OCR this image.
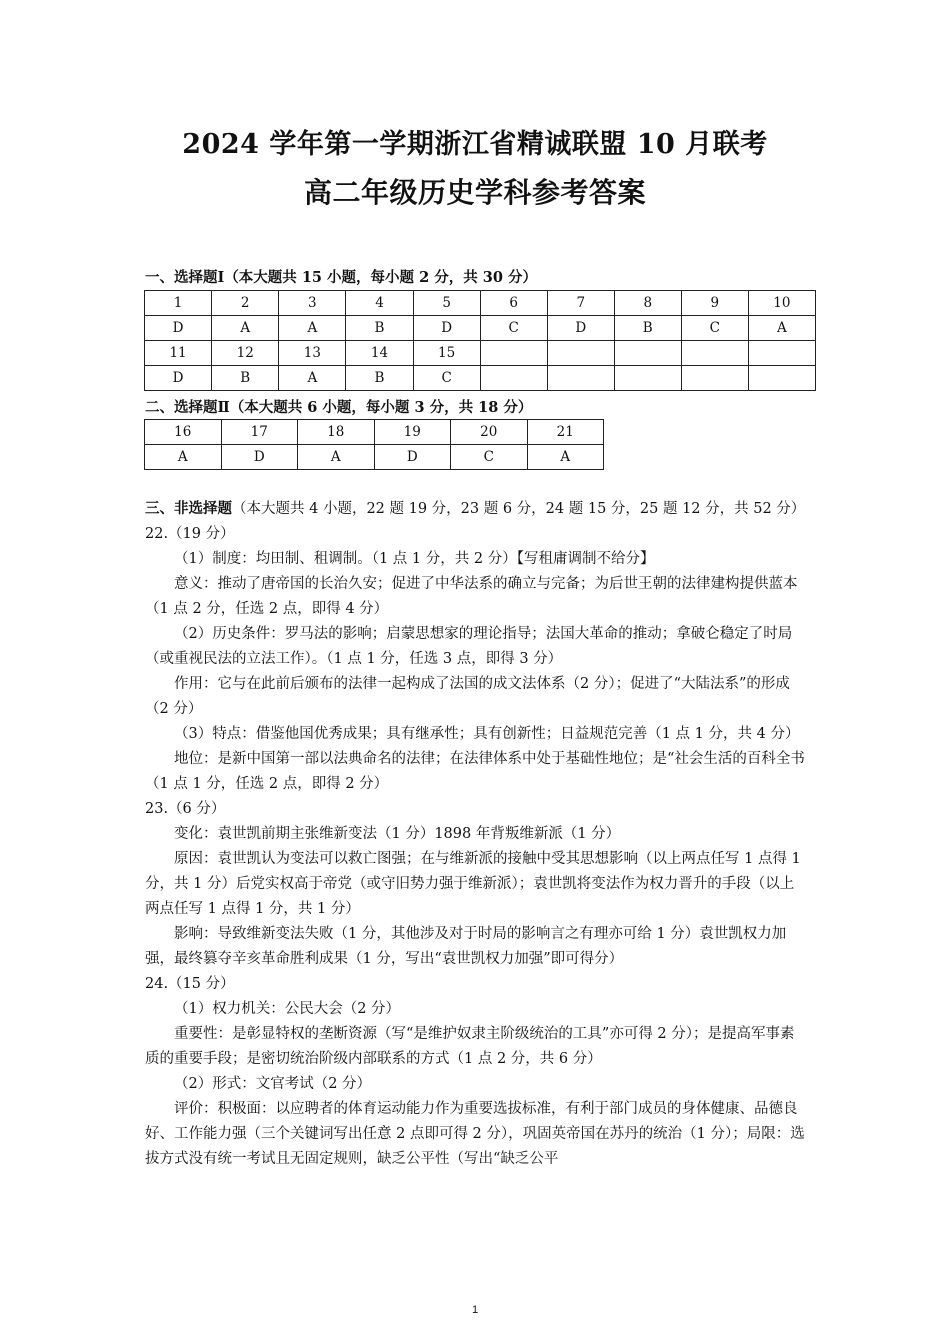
2024 学年第一学期浙江省精诚联盟 10 月联考
高二年级历史学科参考答案
一、选择题Ⅰ（本大题共 15 小题，每小题 2 分，共 30 分）
1	2	3	4	5	6	7	8	9	10
D	A	A	B	D	C	D	B	C	A
11	12	13	14	15					
D	B	A	B	C					
二、选择题Ⅱ（本大题共 6 小题，每小题 3 分，共 18 分）
16	17	18	19	20	21
A	D	A	D	C	A

三、非选择题（本大题共 4 小题，22 题 19 分，23 题 6 分，24 题 15 分，25 题 12 分，共 52 分）

22.（19 分）

（1）制度：均田制、租调制。（1 点 1 分，共 2 分）【写租庸调制不给分】

意义：推动了唐帝国的长治久安；促进了中华法系的确立与完备；为后世王朝的法律建构提供蓝本（1 点 2 分，任选 2 点，即得 4 分）

（2）历史条件：罗马法的影响；启蒙思想家的理论指导；法国大革命的推动；拿破仑稳定了时局（或重视民法的立法工作）。（1 点 1 分，任选 3 点，即得 3 分）

作用：它与在此前后颁布的法律一起构成了法国的成文法体系（2 分）；促进了“大陆法系”的形成（2 分）

（3）特点：借鉴他国优秀成果；具有继承性；具有创新性；日益规范完善（1 点 1 分，共 4 分）

地位：是新中国第一部以法典命名的法律；在法律体系中处于基础性地位；是“社会生活的百科全书（1 点 1 分，任选 2 点，即得 2 分）

23.（6 分）

变化：袁世凯前期主张维新变法（1 分）1898 年背叛维新派（1 分）

原因：袁世凯认为变法可以救亡图强；在与维新派的接触中受其思想影响（以上两点任写 1 点得 1 分，共 1 分）后党实权高于帝党（或守旧势力强于维新派）；袁世凯将变法作为权力晋升的手段（以上两点任写 1 点得 1 分，共 1 分）

影响：导致维新变法失败（1 分，其他涉及对于时局的影响言之有理亦可给 1 分）袁世凯权力加强，最终篡夺辛亥革命胜利成果（1 分，写出“袁世凯权力加强”即可得分）

24.（15 分）

（1）权力机关：公民大会（2 分）

重要性：是彰显特权的垄断资源（写“是维护奴隶主阶级统治的工具”亦可得 2 分）；是提高军事素质的重要手段；是密切统治阶级内部联系的方式（1 点 2 分，共 6 分）

（2）形式：文官考试（2 分）

评价：积极面：以应聘者的体育运动能力作为重要选拔标准，有利于部门成员的身体健康、品德良好、工作能力强（三个关键词写出任意 2 点即可得 2 分），巩固英帝国在苏丹的统治（1 分）；局限：选拔方式没有统一考试且无固定规则，缺乏公平性（写出“缺乏公平

1
